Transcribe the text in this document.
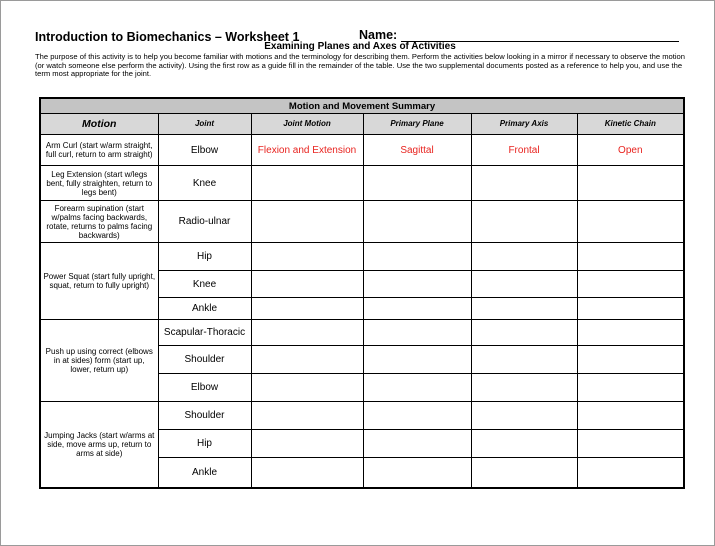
Introduction to Biomechanics – Worksheet 1	Name:
Examining Planes and Axes of Activities
The purpose of this activity is to help you become familiar with motions and the terminology for describing them. Perform the activities below looking in a mirror if necessary to observe the motion (or watch someone else perform the activity). Using the first row as a guide fill in the remainder of the table. Use the two supplemental documents posted as a reference to help you, and use the term most appropriate for the joint.
Motion and Movement Summary					
Motion	Joint	Joint Motion	Primary Plane	Primary Axis	Kinetic Chain
Arm Curl (start w/arm straight, full curl, return to arm straight)	Elbow	Flexion and Extension	Sagittal	Frontal	Open
Leg Extension (start w/legs bent, fully straighten, return to legs bent)	Knee				
Forearm supination (start w/palms facing backwards, rotate, returns to palms facing backwards)	Radio-ulnar				
Power Squat (start fully upright, squat, return to fully upright)	Hip				
	Knee				
	Ankle				
Push up using correct (elbows in at sides) form (start up, lower, return up)	Scapular-Thoracic				
	Shoulder				
	Elbow				
Jumping Jacks (start w/arms at side, move arms up, return to arms at side)	Shoulder				
	Hip				
	Ankle				
